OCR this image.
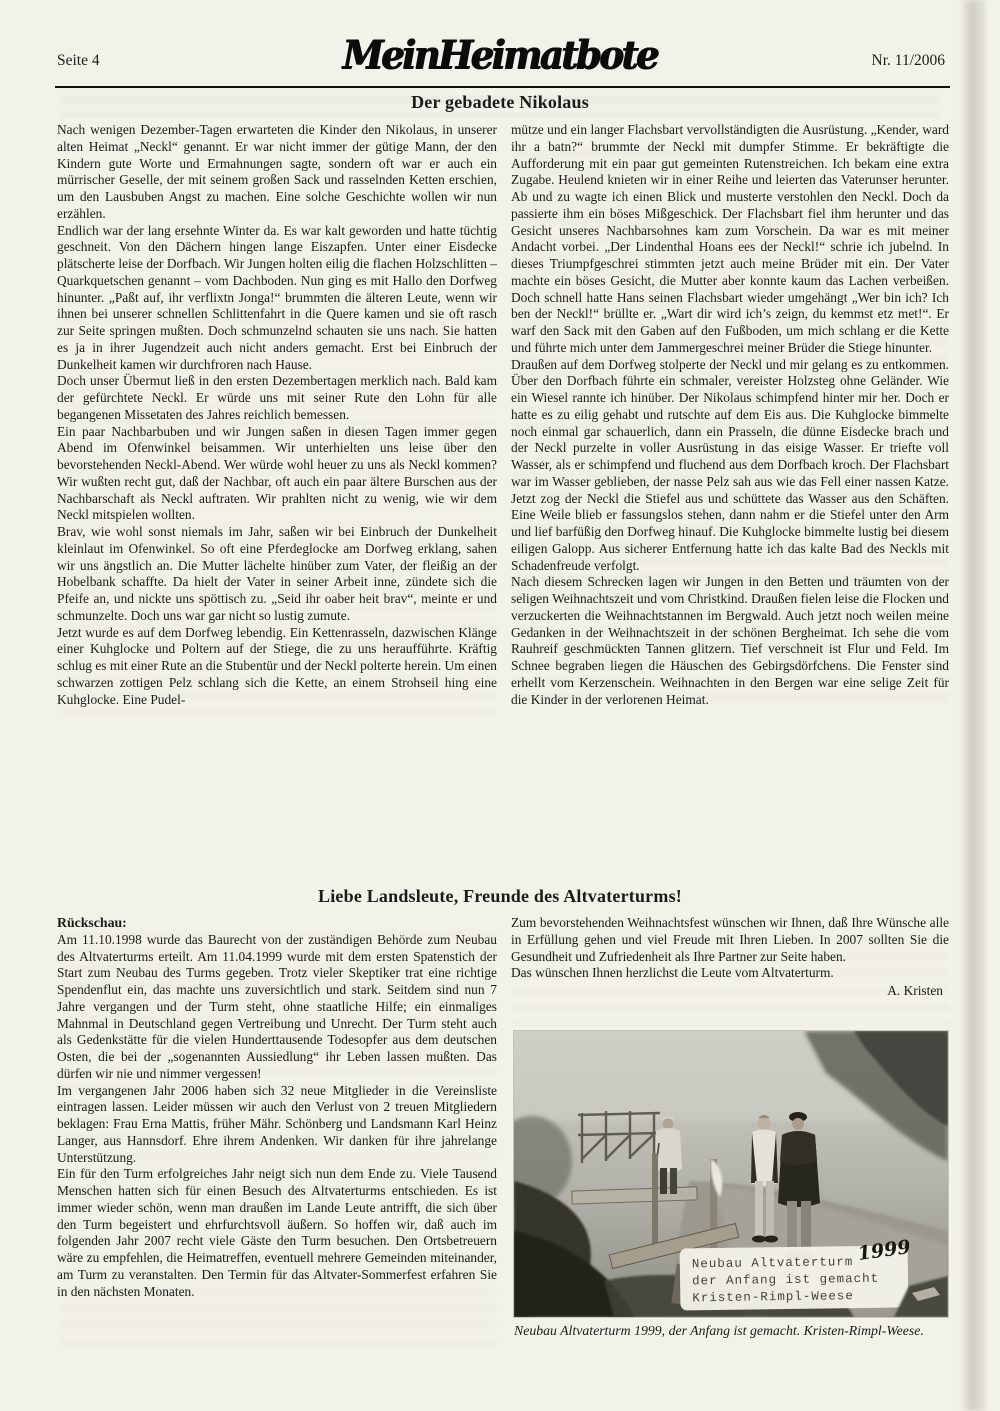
Seite 4	MeinHeimatbote	Nr. 11/2006
Der gebadete Nikolaus

Nach wenigen Dezember-Tagen erwarteten die Kinder den Nikolaus, in unserer alten Heimat „Neckl“ genannt. Er war nicht immer der gütige Mann, der den Kindern gute Worte und Ermahnungen sagte, sondern oft war er auch ein mürrischer Geselle, der mit seinem großen Sack und rasselnden Ketten erschien, um den Lausbuben Angst zu machen. Eine solche Geschichte wollen wir nun erzählen.

Endlich war der lang ersehnte Winter da. Es war kalt geworden und hatte tüchtig geschneit. Von den Dächern hingen lange Eiszapfen. Unter einer Eisdecke plätscherte leise der Dorfbach. Wir Jungen holten eilig die flachen Holzschlitten – Quarkquetschen genannt – vom Dachboden. Nun ging es mit Hallo den Dorfweg hinunter. „Paßt auf, ihr verflixtn Jonga!“ brummten die älteren Leute, wenn wir ihnen bei unserer schnellen Schlittenfahrt in die Quere kamen und sie oft rasch zur Seite springen mußten. Doch schmunzelnd schauten sie uns nach. Sie hatten es ja in ihrer Jugendzeit auch nicht anders gemacht. Erst bei Einbruch der Dunkelheit kamen wir durchfroren nach Hause.

Doch unser Übermut ließ in den ersten Dezembertagen merklich nach. Bald kam der gefürchtete Neckl. Er würde uns mit seiner Rute den Lohn für alle begangenen Missetaten des Jahres reichlich bemessen.

Ein paar Nachbarbuben und wir Jungen saßen in diesen Tagen immer gegen Abend im Ofenwinkel beisammen. Wir unterhielten uns leise über den bevorstehenden Neckl-Abend. Wer würde wohl heuer zu uns als Neckl kommen? Wir wußten recht gut, daß der Nachbar, oft auch ein paar ältere Burschen aus der Nachbarschaft als Neckl auftraten. Wir prahlten nicht zu wenig, wie wir dem Neckl mitspielen wollten.

Brav, wie wohl sonst niemals im Jahr, saßen wir bei Einbruch der Dunkelheit kleinlaut im Ofenwinkel. So oft eine Pferdeglocke am Dorfweg erklang, sahen wir uns ängstlich an. Die Mutter lächelte hinüber zum Vater, der fleißig an der Hobelbank schaffte. Da hielt der Vater in seiner Arbeit inne, zündete sich die Pfeife an, und nickte uns spöttisch zu. „Seid ihr oaber heit brav“, meinte er und schmunzelte. Doch uns war gar nicht so lustig zumute.

Jetzt wurde es auf dem Dorfweg lebendig. Ein Kettenrasseln, dazwischen Klänge einer Kuhglocke und Poltern auf der Stiege, die zu uns heraufführte. Kräftig schlug es mit einer Rute an die Stubentür und der Neckl polterte herein. Um einen schwarzen zottigen Pelz schlang sich die Kette, an einem Strohseil hing eine Kuhglocke. Eine Pudel-

mütze und ein langer Flachsbart vervollständigten die Ausrüstung. „Kender, ward ihr a batn?“ brummte der Neckl mit dumpfer Stimme. Er bekräftigte die Aufforderung mit ein paar gut gemeinten Rutenstreichen. Ich bekam eine extra Zugabe. Heulend knieten wir in einer Reihe und leierten das Vaterunser herunter. Ab und zu wagte ich einen Blick und musterte verstohlen den Neckl. Doch da passierte ihm ein böses Mißgeschick. Der Flachsbart fiel ihm herunter und das Gesicht unseres Nachbarsohnes kam zum Vorschein. Da war es mit meiner Andacht vorbei. „Der Lindenthal Hoans ees der Neckl!“ schrie ich jubelnd. In dieses Triumpfgeschrei stimmten jetzt auch meine Brüder mit ein. Der Vater machte ein böses Gesicht, die Mutter aber konnte kaum das Lachen verbeißen. Doch schnell hatte Hans seinen Flachsbart wieder umgehängt „Wer bin ich? Ich ben der Neckl!“ brüllte er. „Wart dir wird ich’s zeign, du kemmst etz met!“. Er warf den Sack mit den Gaben auf den Fußboden, um mich schlang er die Kette und führte mich unter dem Jammergeschrei meiner Brüder die Stiege hinunter.

Draußen auf dem Dorfweg stolperte der Neckl und mir gelang es zu entkommen. Über den Dorfbach führte ein schmaler, vereister Holzsteg ohne Geländer. Wie ein Wiesel rannte ich hinüber. Der Nikolaus schimpfend hinter mir her. Doch er hatte es zu eilig gehabt und rutschte auf dem Eis aus. Die Kuhglocke bimmelte noch einmal gar schauerlich, dann ein Prasseln, die dünne Eisdecke brach und der Neckl purzelte in voller Ausrüstung in das eisige Wasser. Er triefte voll Wasser, als er schimpfend und fluchend aus dem Dorfbach kroch. Der Flachsbart war im Wasser geblieben, der nasse Pelz sah aus wie das Fell einer nassen Katze. Jetzt zog der Neckl die Stiefel aus und schüttete das Wasser aus den Schäften. Eine Weile blieb er fassungslos stehen, dann nahm er die Stiefel unter den Arm und lief barfüßig den Dorfweg hinauf. Die Kuhglocke bimmelte lustig bei diesem eiligen Galopp. Aus sicherer Entfernung hatte ich das kalte Bad des Neckls mit Schadenfreude verfolgt.

Nach diesem Schrecken lagen wir Jungen in den Betten und träumten von der seligen Weihnachtszeit und vom Christkind. Draußen fielen leise die Flocken und verzuckerten die Weihnachtstannen im Bergwald. Auch jetzt noch weilen meine Gedanken in der Weihnachtszeit in der schönen Bergheimat. Ich sehe die vom Rauhreif geschmückten Tannen glitzern. Tief verschneit ist Flur und Feld. Im Schnee begraben liegen die Häuschen des Gebirgsdörfchens. Die Fenster sind erhellt vom Kerzenschein. Weihnachten in den Bergen war eine selige Zeit für die Kinder in der verlorenen Heimat.

Liebe Landsleute, Freunde des Altvaterturms!
Rückschau:

Am 11.10.1998 wurde das Baurecht von der zuständigen Behörde zum Neubau des Altvaterturms erteilt. Am 11.04.1999 wurde mit dem ersten Spatenstich der Start zum Neubau des Turms gegeben. Trotz vieler Skeptiker trat eine richtige Spendenflut ein, das machte uns zuversichtlich und stark. Seitdem sind nun 7 Jahre vergangen und der Turm steht, ohne staatliche Hilfe; ein einmaliges Mahnmal in Deutschland gegen Vertreibung und Unrecht. Der Turm steht auch als Gedenkstätte für die vielen Hunderttausende Todesopfer aus dem deutschen Osten, die bei der „sogenannten Aussiedlung“ ihr Leben lassen mußten. Das dürfen wir nie und nimmer vergessen!

Im vergangenen Jahr 2006 haben sich 32 neue Mitglieder in die Vereinsliste eintragen lassen. Leider müssen wir auch den Verlust von 2 treuen Mitgliedern beklagen: Frau Erna Mattis, früher Mähr. Schönberg und Landsmann Karl Heinz Langer, aus Hannsdorf. Ehre ihrem Andenken. Wir danken für ihre jahrelange Unterstützung.

Ein für den Turm erfolgreiches Jahr neigt sich nun dem Ende zu. Viele Tausend Menschen hatten sich für einen Besuch des Altvaterturms entschieden. Es ist immer wieder schön, wenn man draußen im Lande Leute antrifft, die sich über den Turm begeistert und ehrfurchtsvoll äußern. So hoffen wir, daß auch im folgenden Jahr 2007 recht viele Gäste den Turm besuchen. Den Ortsbetreuern wäre zu empfehlen, die Heimatreffen, eventuell mehrere Gemeinden miteinander, am Turm zu veranstalten. Den Termin für das Altvater-Sommerfest erfahren Sie in den nächsten Monaten.

Zum bevorstehenden Weihnachtsfest wünschen wir Ihnen, daß Ihre Wünsche alle in Erfüllung gehen und viel Freude mit Ihren Lieben. In 2007 sollten Sie die Gesundheit und Zufriedenheit als Ihre Partner zur Seite haben.

Das wünschen Ihnen herzlichst die Leute vom Altvaterturm.

A. Kristen
Neubau Altvaterturm
der Anfang ist gemacht
Kristen-Rimpl-Weese
1999
Neubau Altvaterturm 1999, der Anfang ist gemacht. Kristen-Rimpl-Weese.
